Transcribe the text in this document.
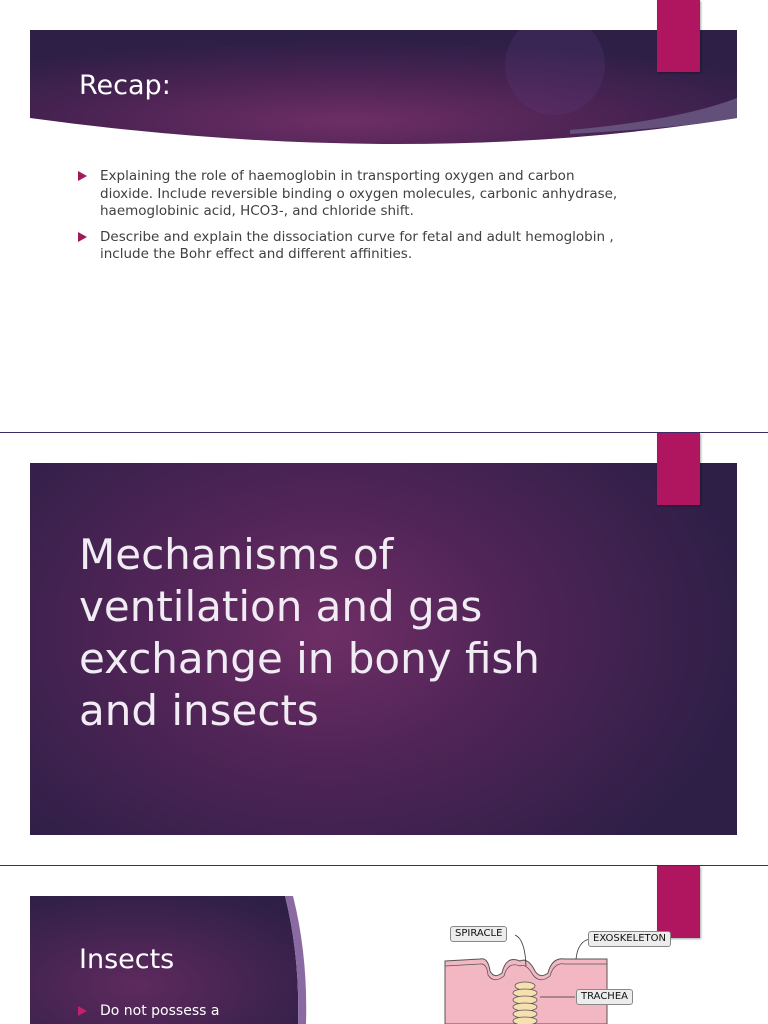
Recap:
Explaining the role of haemoglobin in transporting oxygen and carbon dioxide. Include reversible binding o oxygen molecules, carbonic anhydrase, haemoglobinic acid, HCO3-, and chloride shift.
Describe and explain the dissociation curve for fetal and adult hemoglobin , include the Bohr effect and different affinities.
Mechanisms of ventilation and gas exchange in bony fish and insects
Insects
Do not possess a
SPIRACLE	EXOSKELETON
TRACHEA
